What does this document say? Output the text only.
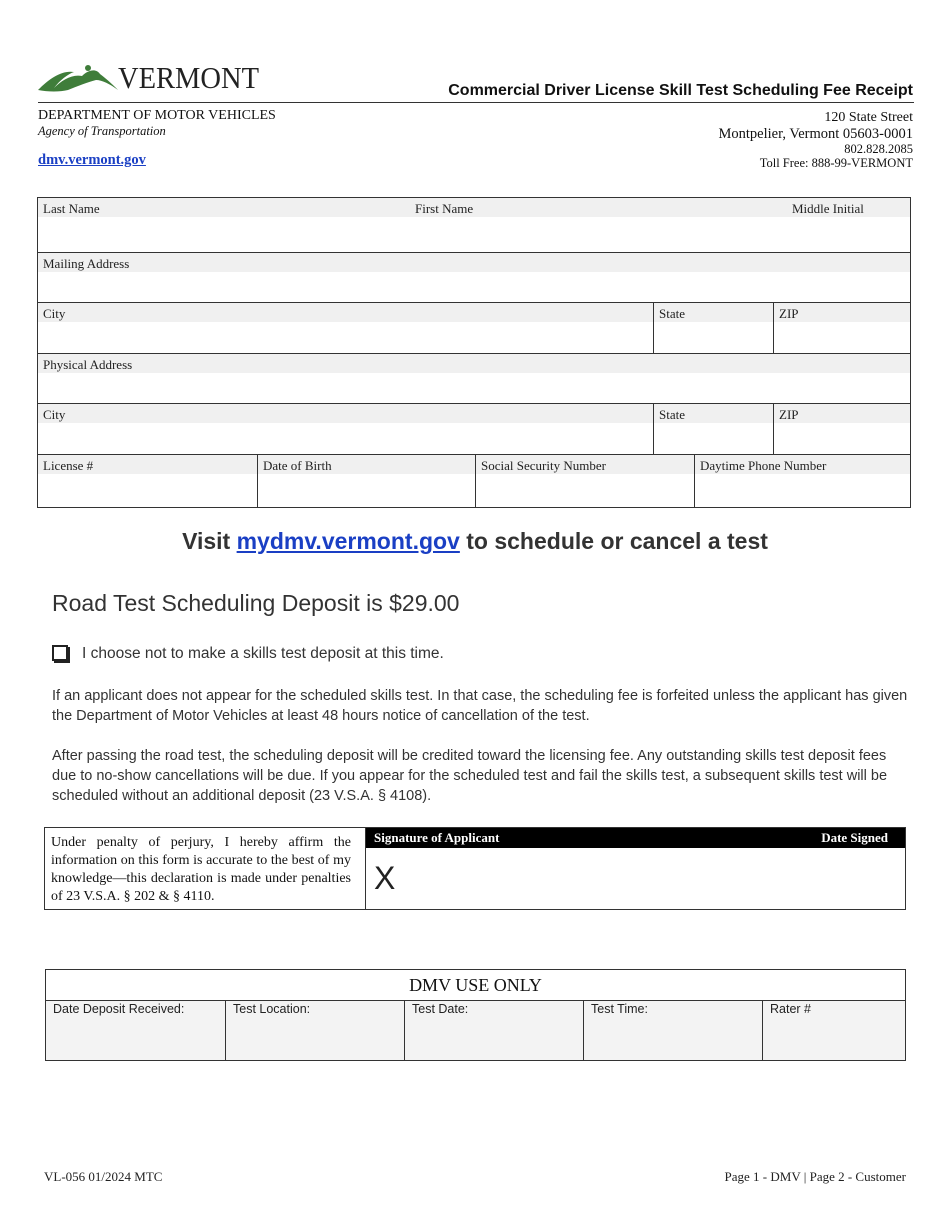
VERMONT	Commercial Driver License Skill Test Scheduling Fee Receipt
DEPARTMENT OF MOTOR VEHICLES
Agency of Transportation
dmv.vermont.gov
120 State Street
Montpelier, Vermont 05603-0001
802.828.2085
Toll Free: 888-99-VERMONT
Last Name	First Name	Middle Initial
Mailing Address
City	State	ZIP
Physical Address
City	State	ZIP
License #	Date of Birth	Social Security Number	Daytime Phone Number
Visit mydmv.vermont.gov to schedule or cancel a test
Road Test Scheduling Deposit is $29.00
I choose not to make a skills test deposit at this time.
If an applicant does not appear for the scheduled skills test. In that case, the scheduling fee is forfeited unless the applicant has given the Department of Motor Vehicles at least 48 hours notice of cancellation of the test.
After passing the road test, the scheduling deposit will be credited toward the licensing fee. Any outstanding skills test deposit fees due to no-show cancellations will be due. If you appear for the scheduled test and fail the skills test, a subsequent skills test will be scheduled without an additional deposit (23 V.S.A. § 4108).
Under penalty of perjury, I hereby affirm the information on this form is accurate to the best of my knowledge—this declaration is made under penalties of 23 V.S.A. § 202 & § 4110.
Signature of Applicant	Date Signed
X
DMV USE ONLY
Date Deposit Received:	Test Location:	Test Date:	Test Time:	Rater #
VL-056 01/2024 MTC	Page 1 - DMV | Page 2 - Customer
